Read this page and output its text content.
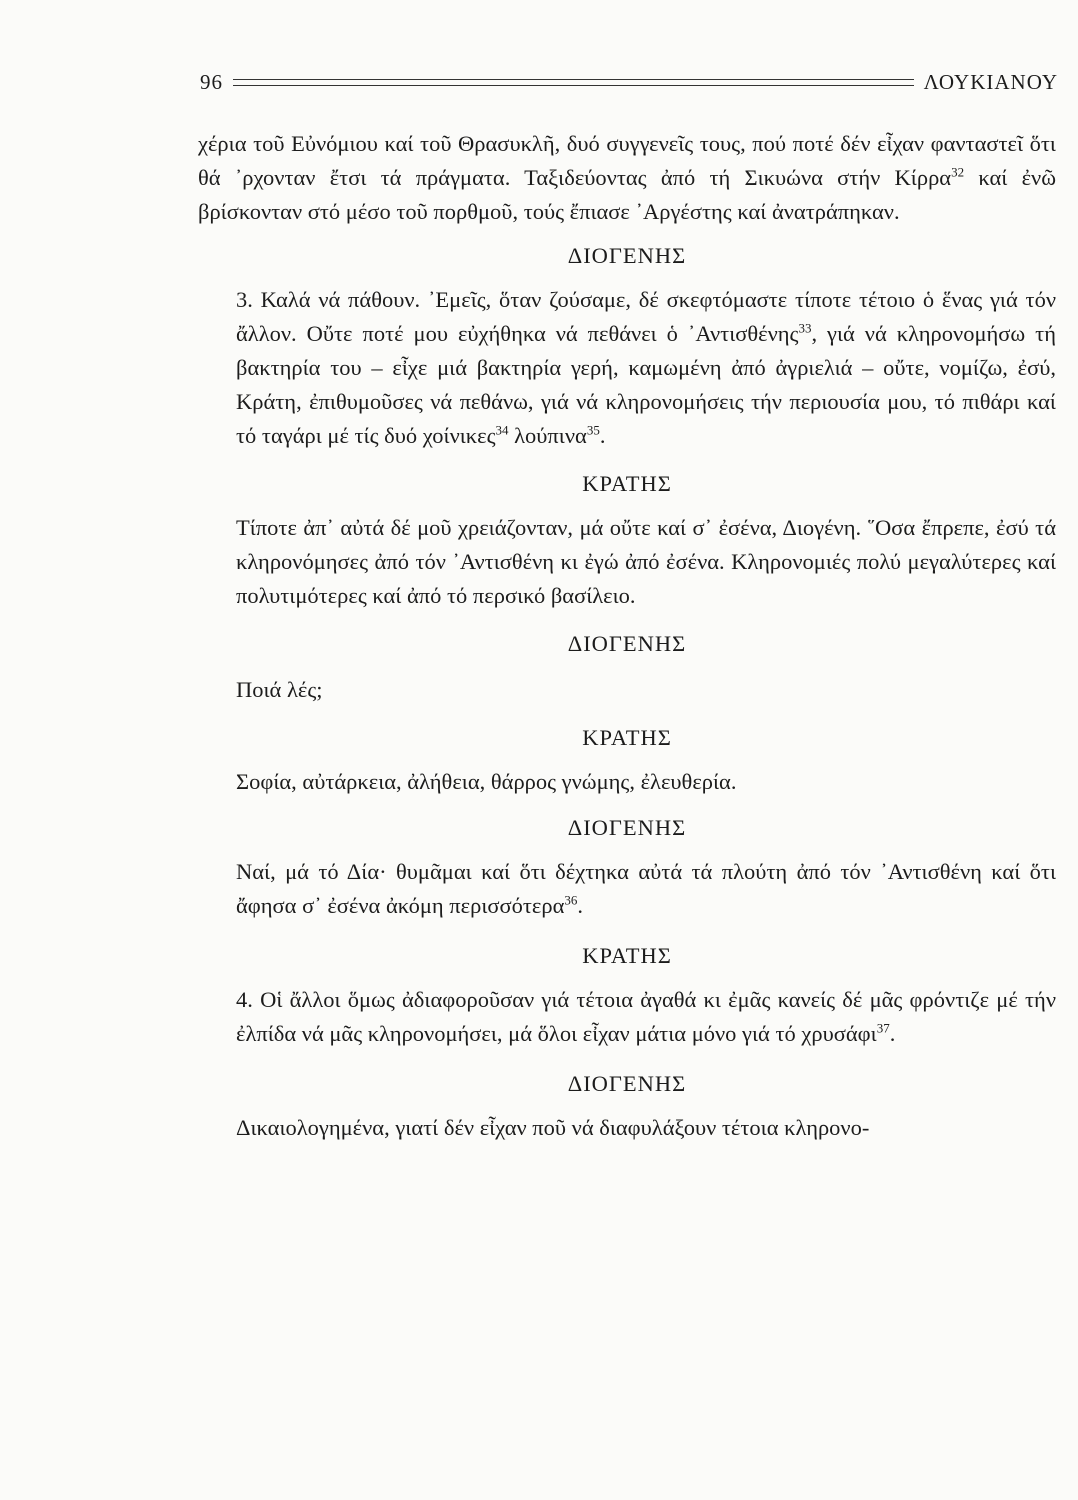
96	ΛΟΥΚΙΑΝΟΥ

χέρια τοῦ Εὐνόμιου καί τοῦ Θρασυκλῆ, δυό συγγενεῖς τους, πού ποτέ δέν εἶχαν φανταστεῖ ὅτι θά ᾿ρχονταν ἔτσι τά πράγματα. Ταξιδεύοντας ἀπό τή Σικυώνα στήν Κίρρα$^{32}$ καί ἐνῶ βρίσκονταν στό μέσο τοῦ πορθμοῦ, τούς ἔπιασε ᾿Αργέστης καί ἀνατράπηκαν.

ΔΙΟΓΕΝΗΣ

3. Καλά νά πάθουν. ᾿Εμεῖς, ὅταν ζούσαμε, δέ σκεφτόμαστε τίποτε τέτοιο ὁ ἕνας γιά τόν ἄλλον. Οὔτε ποτέ μου εὐχήθηκα νά πεθάνει ὁ ᾿Αντισθένης$^{33}$, γιά νά κληρονομήσω τή βακτηρία του – εἶχε μιά βακτηρία γερή, καμωμένη ἀπό ἀγριελιά – οὔτε, νομίζω, ἐσύ, Κράτη, ἐπιθυμοῦσες νά πεθάνω, γιά νά κληρονομήσεις τήν περιουσία μου, τό πιθάρι καί τό ταγάρι μέ τίς δυό χοίνικες$^{34}$ λούπινα$^{35}$.

ΚΡΑΤΗΣ

Τίποτε ἀπ᾿ αὐτά δέ μοῦ χρειάζονταν, μά οὔτε καί σ᾿ ἐσένα, Διογένη. ῞Οσα ἔπρεπε, ἐσύ τά κληρονόμησες ἀπό τόν ᾿Αντισθένη κι ἐγώ ἀπό ἐσένα. Κληρονομιές πολύ μεγαλύτερες καί πολυτιμότερες καί ἀπό τό περσικό βασίλειο.

ΔΙΟΓΕΝΗΣ

Ποιά λές;

ΚΡΑΤΗΣ

Σοφία, αὐτάρκεια, ἀλήθεια, θάρρος γνώμης, ἐλευθερία.

ΔΙΟΓΕΝΗΣ

Ναί, μά τό Δία· θυμᾶμαι καί ὅτι δέχτηκα αὐτά τά πλούτη ἀπό τόν ᾿Αντισθένη καί ὅτι ἄφησα σ᾿ ἐσένα ἀκόμη περισσότερα$^{36}$.

ΚΡΑΤΗΣ

4. Οἱ ἄλλοι ὅμως ἀδιαφοροῦσαν γιά τέτοια ἀγαθά κι ἐμᾶς κανείς δέ μᾶς φρόντιζε μέ τήν ἐλπίδα νά μᾶς κληρονομήσει, μά ὅλοι εἶχαν μάτια μόνο γιά τό χρυσάφι$^{37}$.

ΔΙΟΓΕΝΗΣ

Δικαιολογημένα, γιατί δέν εἶχαν ποῦ νά διαφυλάξουν τέτοια κληρονο-
